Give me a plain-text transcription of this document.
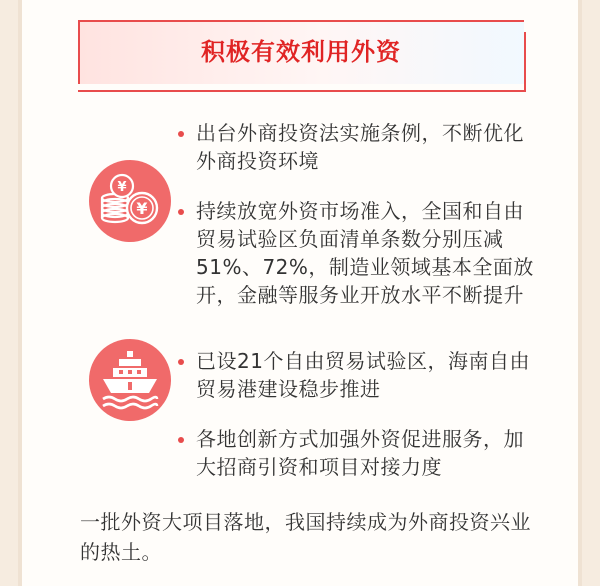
积极有效利用外资
¥
¥
出台外商投资法实施条例，不断优化外商投资环境
持续放宽外资市场准入，全国和自由贸易试验区负面清单条数分别压减51%、72%，制造业领域基本全面放开，金融等服务业开放水平不断提升
已设21个自由贸易试验区，海南自由贸易港建设稳步推进
各地创新方式加强外资促进服务，加大招商引资和项目对接力度
一批外资大项目落地，我国持续成为外商投资兴业的热土。
